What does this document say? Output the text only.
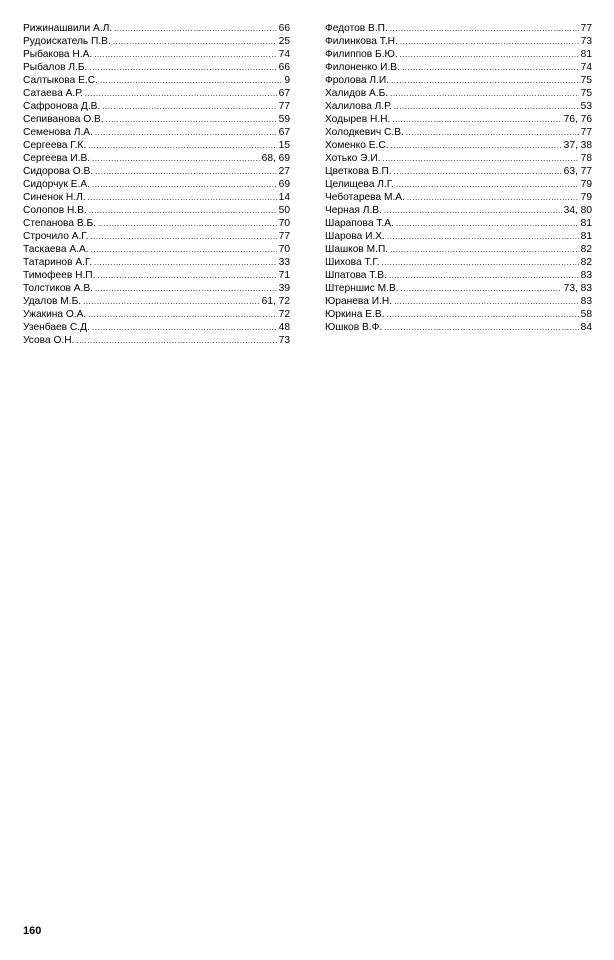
Рижинашвили А.Л. .....	66
Рудоискатель П.В. .....	25
Рыбакова Н.А. .....	74
Рыбалов Л.Б. .....	66
Салтыкова Е.С. .....	9
Сатаева А.Р. .....	67
Сафронова Д.В. .....	77
Сепиванова О.В. .....	59
Семенова Л.А. .....	67
Сергеева Г.К. .....	15
Сергеева И.В. .....	68, 69
Сидорова О.В. .....	27
Сидорчук Е.А. .....	69
Синенок Н.Л. .....	14
Солопов Н.В. .....	50
Степанова В.Б. .....	70
Строчило А.Г. .....	77
Таскаева А.А. .....	70
Татаринов А.Г. .....	33
Тимофеев Н.П. .....	71
Толстиков А.В. .....	39
Удалов М.Б. .....	61, 72
Ужакина О.А. .....	72
Узенбаев С.Д. .....	48
Усова О.Н. .....	73
Федотов В.П. .....	77
Филинкова Т.Н. .....	73
Филиппов Б.Ю. .....	81
Филоненко И.В. .....	74
Фролова Л.И. .....	75
Халидов А.Б. .....	75
Халилова Л.Р. .....	53
Ходырев Н.Н. .....	76, 76
Холодкевич С.В. .....	77
Хоменко Е.С. .....	37, 38
Хотько Э.И. .....	78
Цветкова В.П. .....	63, 77
Целищева Л.Г. .....	79
Чеботарева М.А. .....	79
Черная Л.В. .....	34, 80
Шарапова Т.А. .....	81
Шарова И.Х. .....	81
Шашков М.П. .....	82
Шихова Т.Г. .....	82
Шпатова Т.В. .....	83
Штерншис М.В. .....	73, 83
Юранева И.Н. .....	83
Юркина Е.В. .....	58
Юшков В.Ф. .....	84
160
